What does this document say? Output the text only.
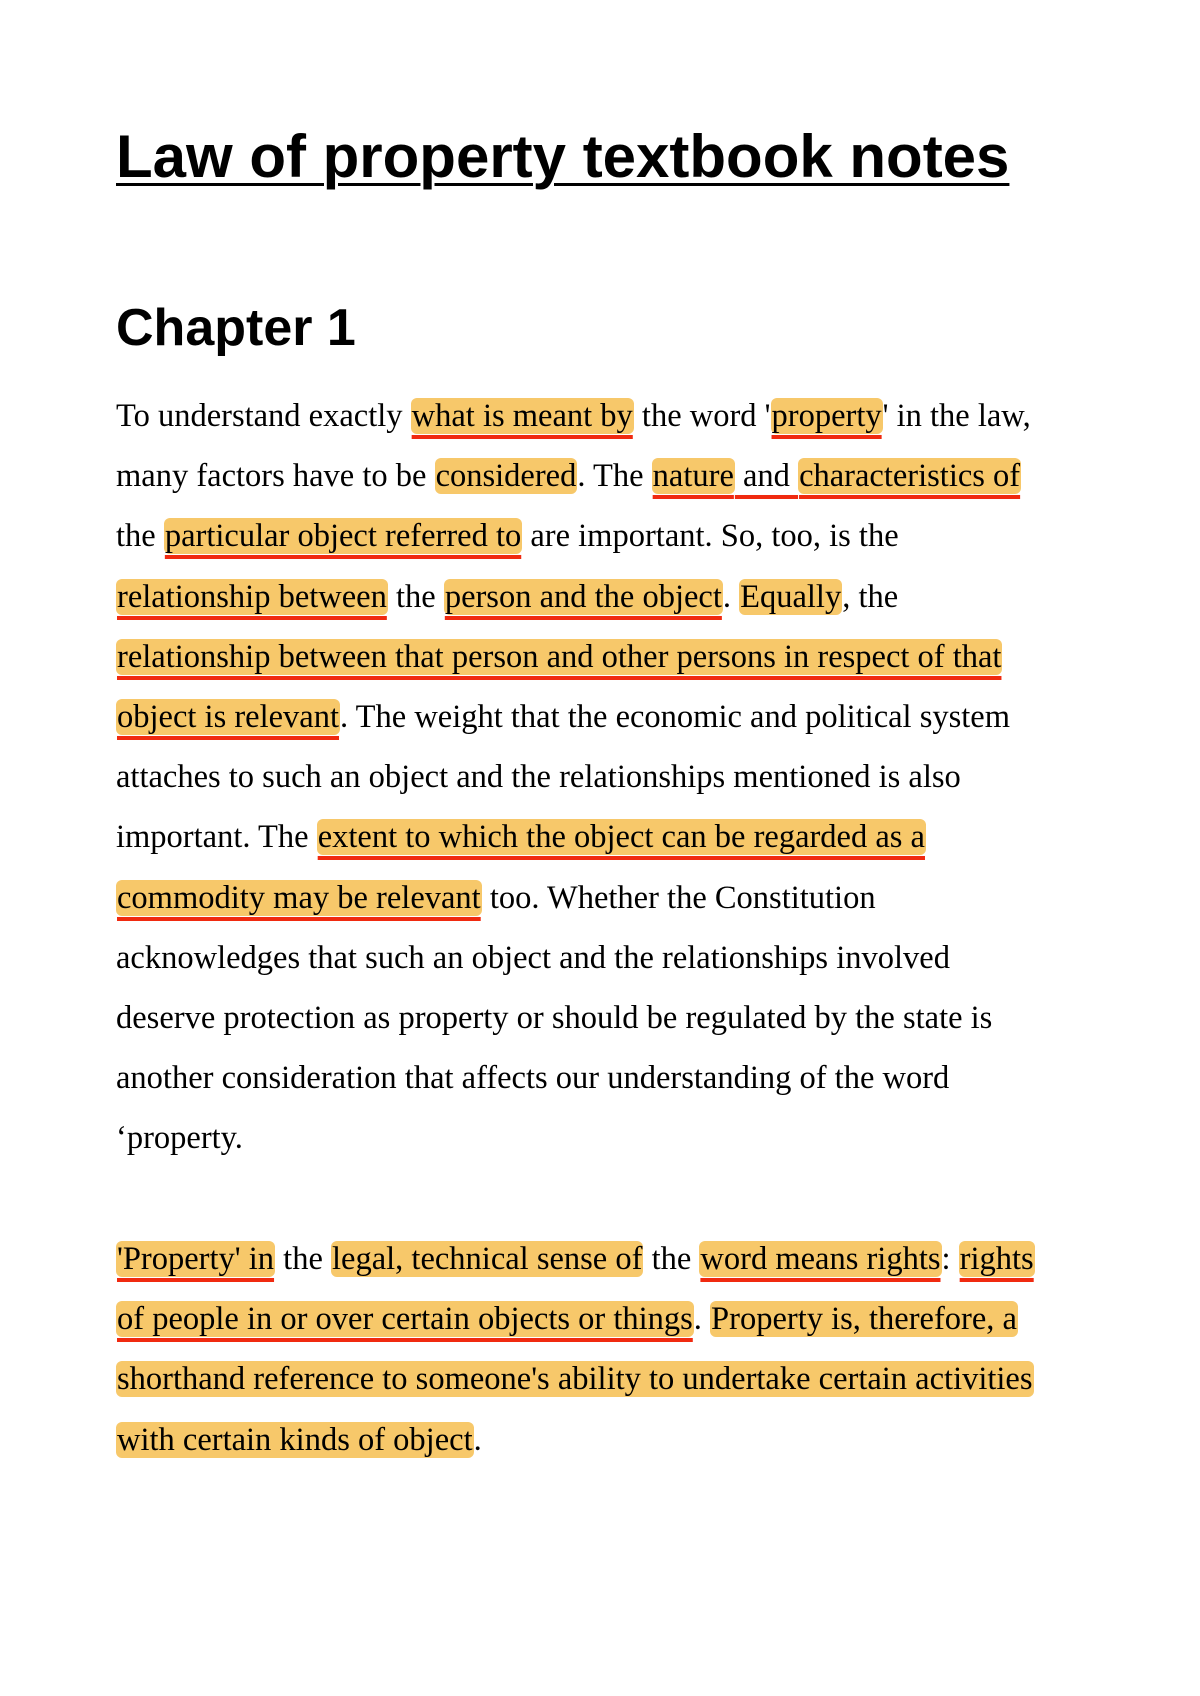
Law of property textbook notes
Chapter 1

To understand exactly what is meant by the word 'property' in the law,
many factors have to be considered. The nature and characteristics of
the particular object referred to are important. So, too, is the
relationship between the person and the object. Equally, the
relationship between that person and other persons in respect of that
object is relevant. The weight that the economic and political system
attaches to such an object and the relationships mentioned is also
important. The extent to which the object can be regarded as a
commodity may be relevant too. Whether the Constitution
acknowledges that such an object and the relationships involved
deserve protection as property or should be regulated by the state is
another consideration that affects our understanding of the word
‘property.

'Property' in the legal, technical sense of the word means rights: rights
of people in or over certain objects or things. Property is, therefore, a
shorthand reference to someone's ability to undertake certain activities
with certain kinds of object.
